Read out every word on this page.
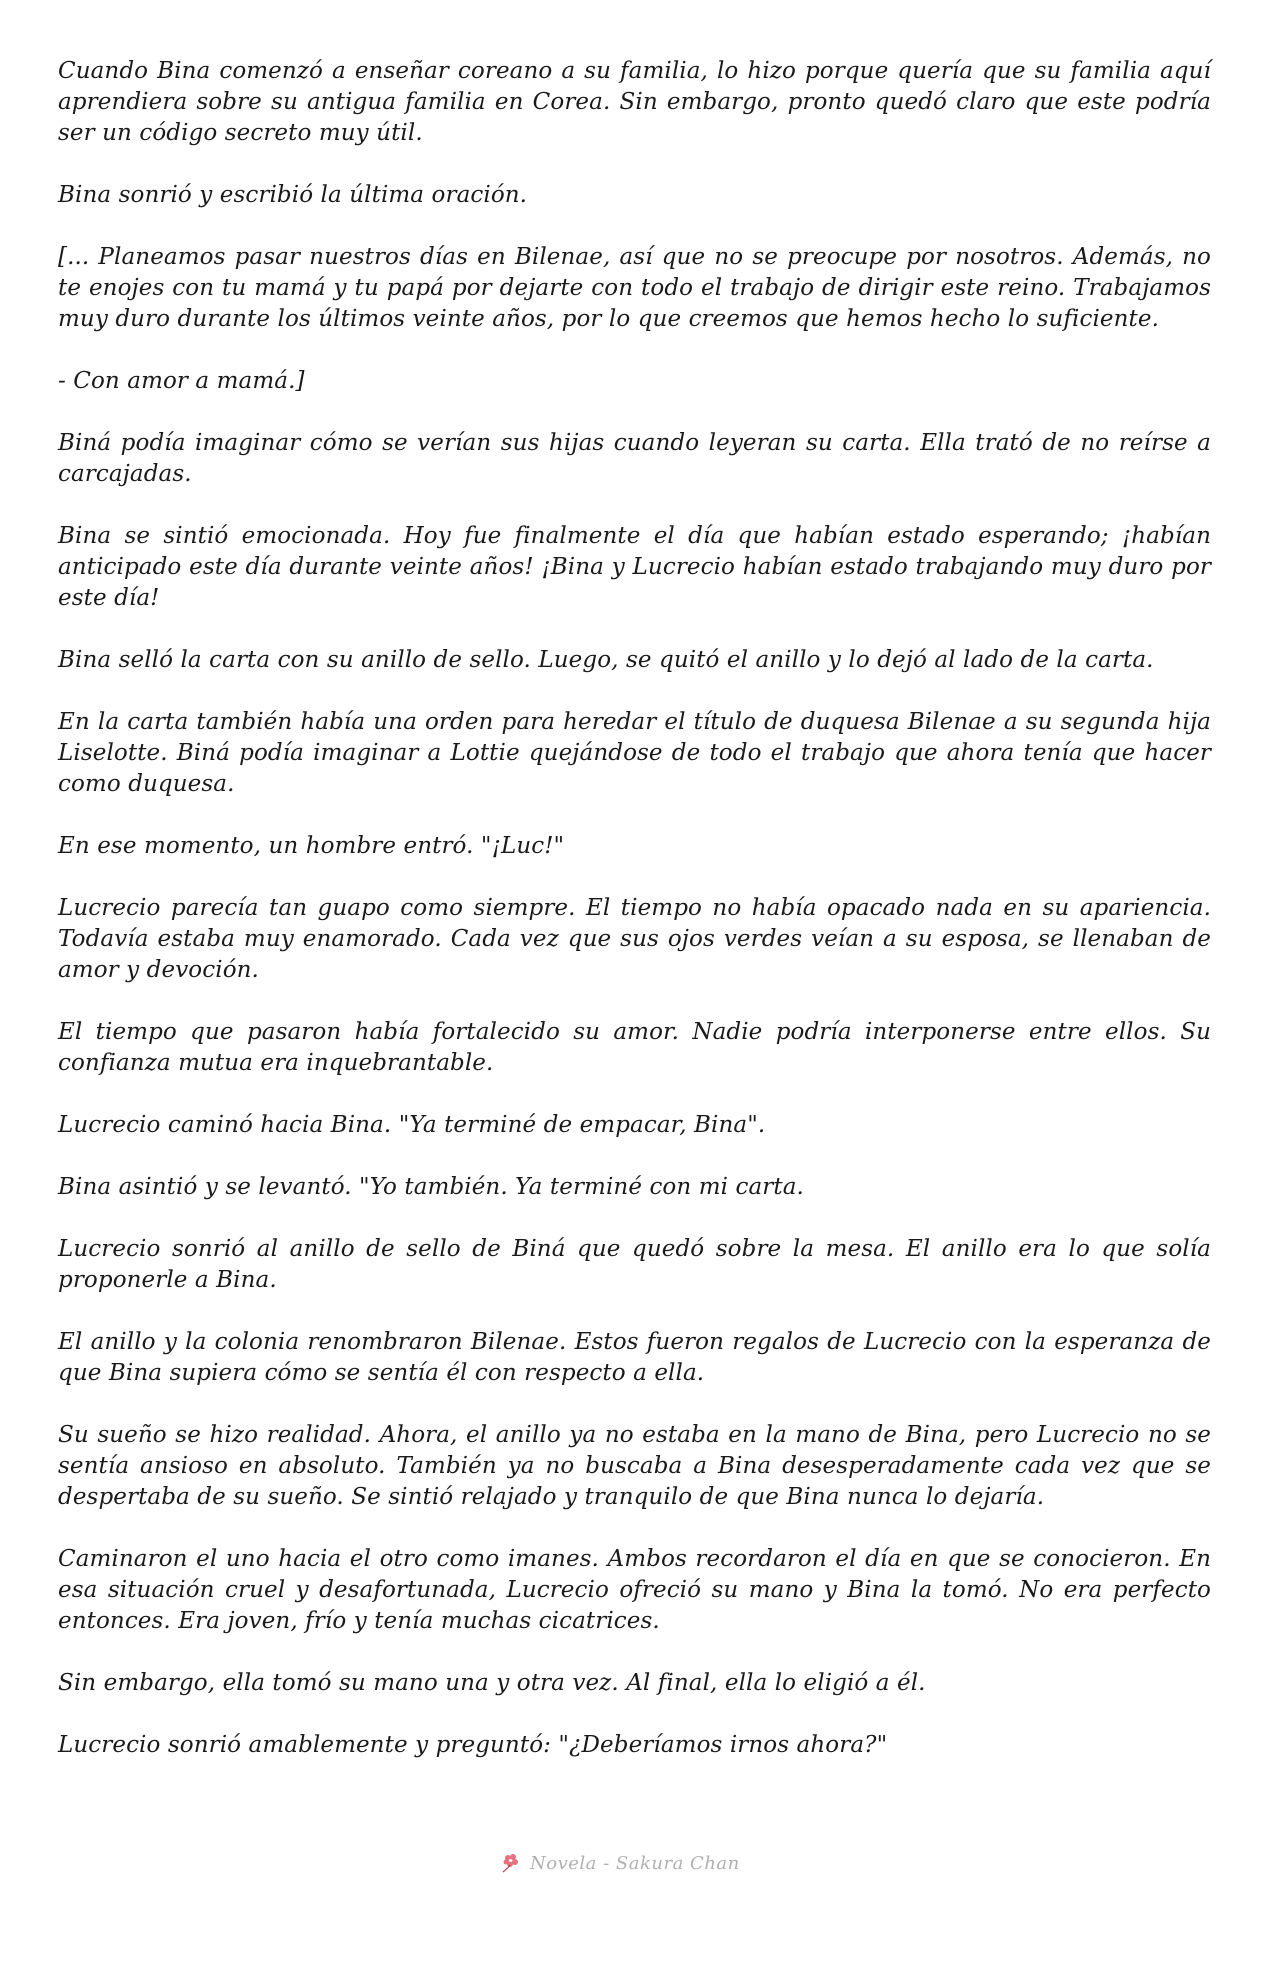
Cuando Bina comenzó a enseñar coreano a su familia, lo hizo porque quería que su familia aquí aprendiera sobre su antigua familia en Corea. Sin embargo, pronto quedó claro que este podría ser un código secreto muy útil.

Bina sonrió y escribió la última oración.

[... Planeamos pasar nuestros días en Bilenae, así que no se preocupe por nosotros. Además, no te enojes con tu mamá y tu papá por dejarte con todo el trabajo de dirigir este reino. Trabajamos muy duro durante los últimos veinte años, por lo que creemos que hemos hecho lo suficiente.

- Con amor a mamá.]

Biná podía imaginar cómo se verían sus hijas cuando leyeran su carta. Ella trató de no reírse a carcajadas.

Bina se sintió emocionada. Hoy fue finalmente el día que habían estado esperando; ¡habían anticipado este día durante veinte años! ¡Bina y Lucrecio habían estado trabajando muy duro por este día!

Bina selló la carta con su anillo de sello. Luego, se quitó el anillo y lo dejó al lado de la carta.

En la carta también había una orden para heredar el título de duquesa Bilenae a su segunda hija Liselotte. Biná podía imaginar a Lottie quejándose de todo el trabajo que ahora tenía que hacer como duquesa.

En ese momento, un hombre entró. "¡Luc!"

Lucrecio parecía tan guapo como siempre. El tiempo no había opacado nada en su apariencia. Todavía estaba muy enamorado. Cada vez que sus ojos verdes veían a su esposa, se llenaban de amor y devoción.

El tiempo que pasaron había fortalecido su amor. Nadie podría interponerse entre ellos. Su confianza mutua era inquebrantable.

Lucrecio caminó hacia Bina. "Ya terminé de empacar, Bina".

Bina asintió y se levantó. "Yo también. Ya terminé con mi carta.

Lucrecio sonrió al anillo de sello de Biná que quedó sobre la mesa. El anillo era lo que solía proponerle a Bina.

El anillo y la colonia renombraron Bilenae. Estos fueron regalos de Lucrecio con la esperanza de que Bina supiera cómo se sentía él con respecto a ella.

Su sueño se hizo realidad. Ahora, el anillo ya no estaba en la mano de Bina, pero Lucrecio no se sentía ansioso en absoluto. También ya no buscaba a Bina desesperadamente cada vez que se despertaba de su sueño. Se sintió relajado y tranquilo de que Bina nunca lo dejaría.

Caminaron el uno hacia el otro como imanes. Ambos recordaron el día en que se conocieron. En esa situación cruel y desafortunada, Lucrecio ofreció su mano y Bina la tomó. No era perfecto entonces. Era joven, frío y tenía muchas cicatrices.

Sin embargo, ella tomó su mano una y otra vez. Al final, ella lo eligió a él.

Lucrecio sonrió amablemente y preguntó: "¿Deberíamos irnos ahora?"

Novela - Sakura Chan
